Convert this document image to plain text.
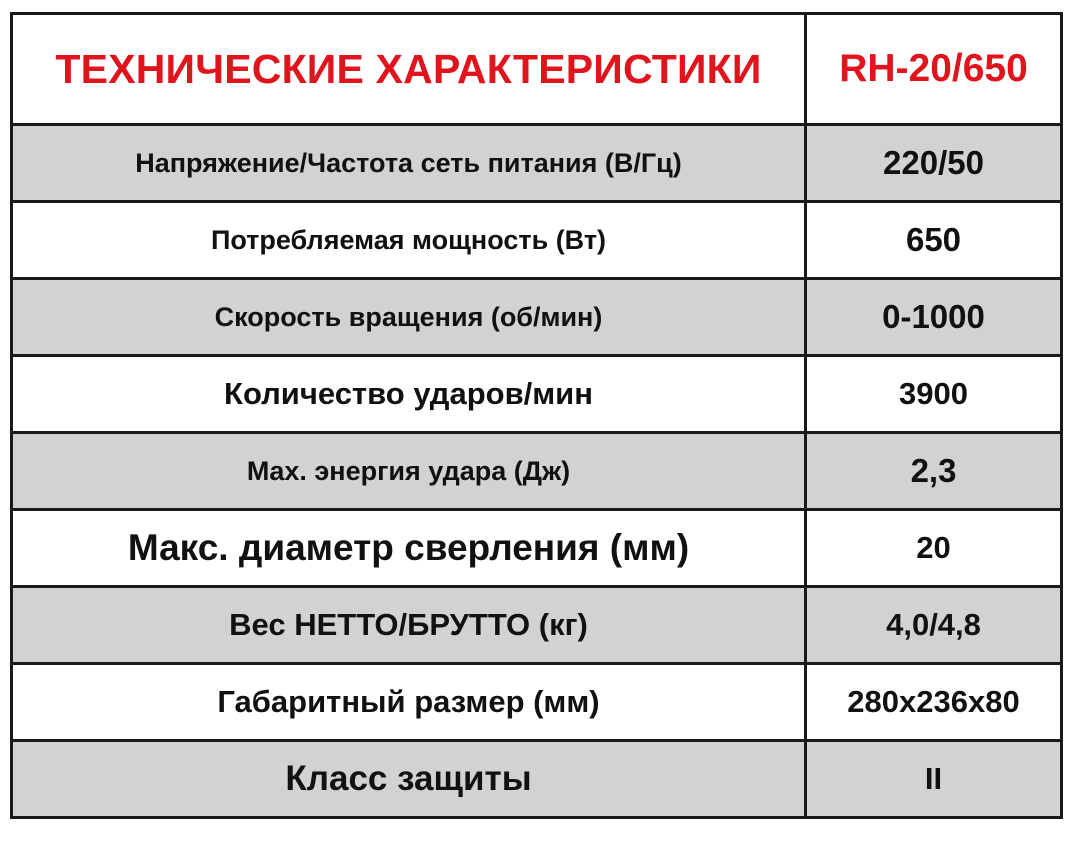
ТЕХНИЧЕСКИЕ ХАРАКТЕРИСТИКИ	RH-20/650
Напряжение/Частота сеть питания (В/Гц)	220/50
Потребляемая мощность (Вт)	650
Скорость вращения (об/мин)	0-1000
Количество ударов/мин	3900
Max. энергия удара (Дж)	2,3
Макс. диаметр сверления (мм)	20
Вес НЕТТО/БРУТТО (кг)	4,0/4,8
Габаритный размер (мм)	280x236x80
Класс защиты	II
